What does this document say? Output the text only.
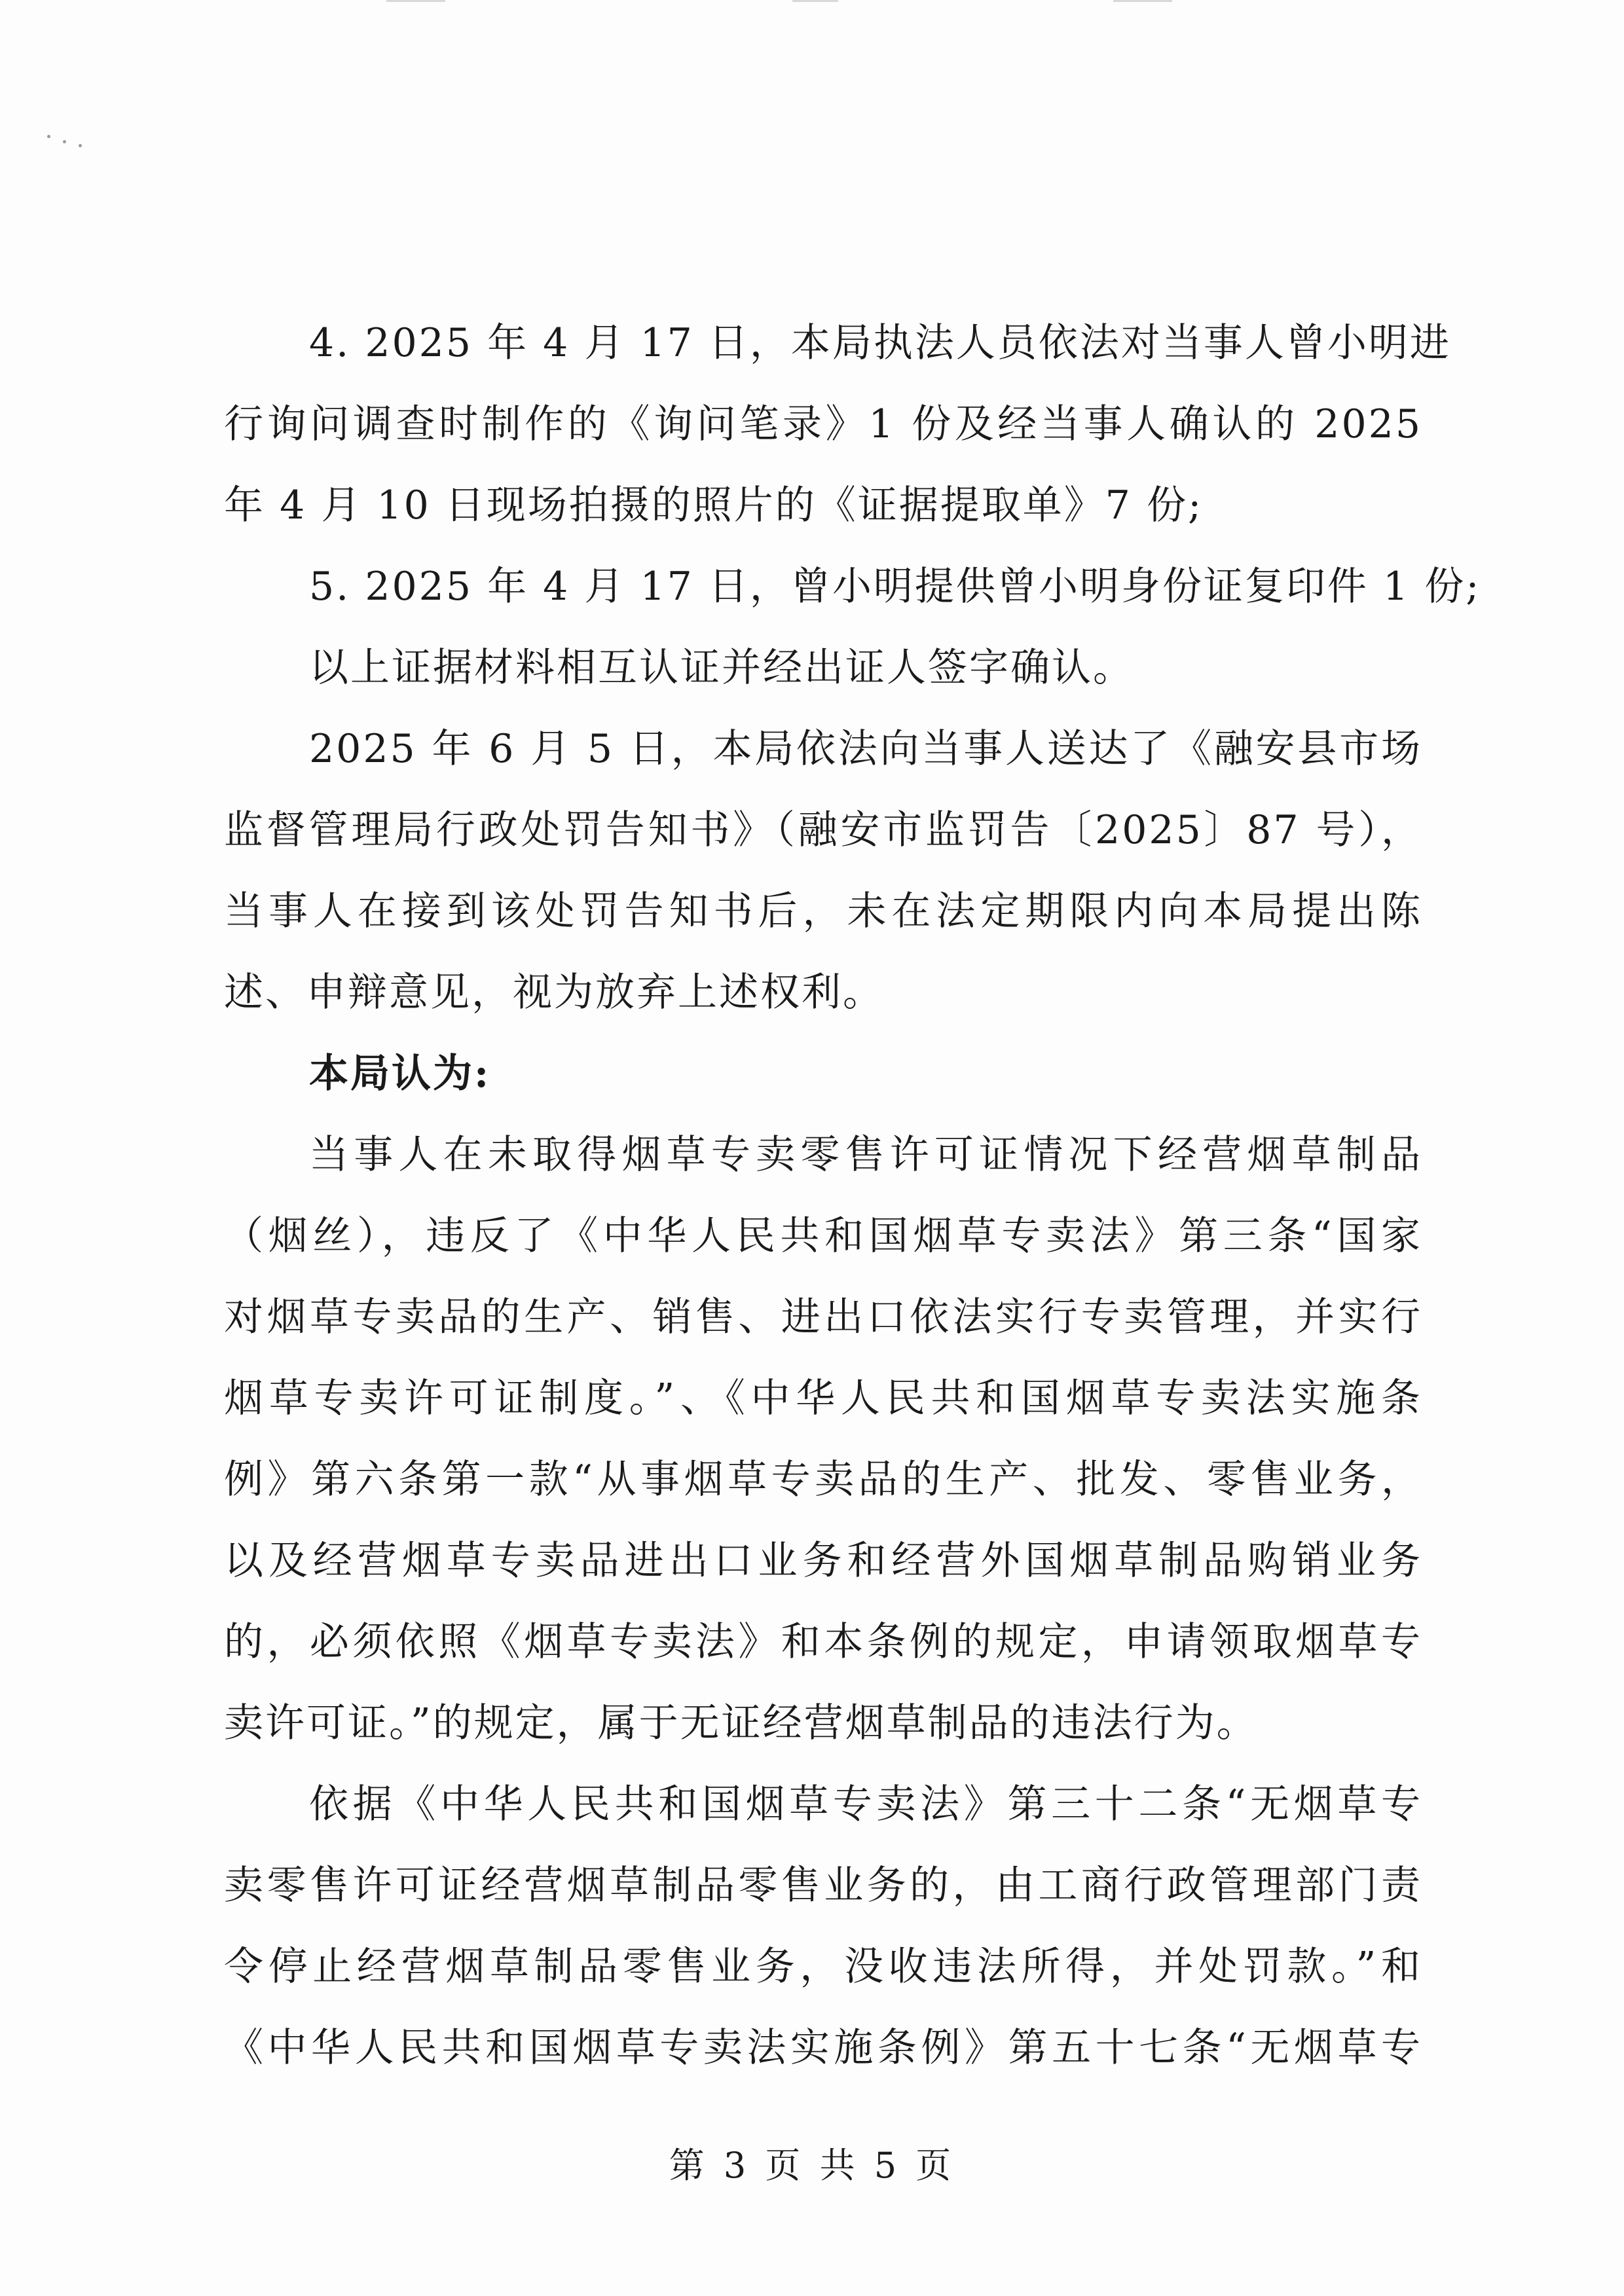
4. 2025 年 4 月 17 日，本局执法人员依法对当事人曾小明进
行询问调查时制作的《询问笔录》1 份及经当事人确认的 2025
年 4 月 10 日现场拍摄的照片的《证据提取单》7 份;
5. 2025 年 4 月 17 日，曾小明提供曾小明身份证复印件 1 份;
以上证据材料相互认证并经出证人签字确认。
2025 年 6 月 5 日，本局依法向当事人送达了《融安县市场
监督管理局行政处罚告知书》（融安市监罚告〔2025〕87 号），
当事人在接到该处罚告知书后，未在法定期限内向本局提出陈
述、申辩意见，视为放弃上述权利。
本局认为:
当事人在未取得烟草专卖零售许可证情况下经营烟草制品
（烟丝），违反了《中华人民共和国烟草专卖法》第三条“国家
对烟草专卖品的生产、销售、进出口依法实行专卖管理，并实行
烟草专卖许可证制度。”、《中华人民共和国烟草专卖法实施条
例》第六条第一款“从事烟草专卖品的生产、批发、零售业务，
以及经营烟草专卖品进出口业务和经营外国烟草制品购销业务
的，必须依照《烟草专卖法》和本条例的规定，申请领取烟草专
卖许可证。”的规定，属于无证经营烟草制品的违法行为。
依据《中华人民共和国烟草专卖法》第三十二条“无烟草专
卖零售许可证经营烟草制品零售业务的，由工商行政管理部门责
令停止经营烟草制品零售业务，没收违法所得，并处罚款。”和
《中华人民共和国烟草专卖法实施条例》第五十七条“无烟草专
第 3 页 共 5 页
